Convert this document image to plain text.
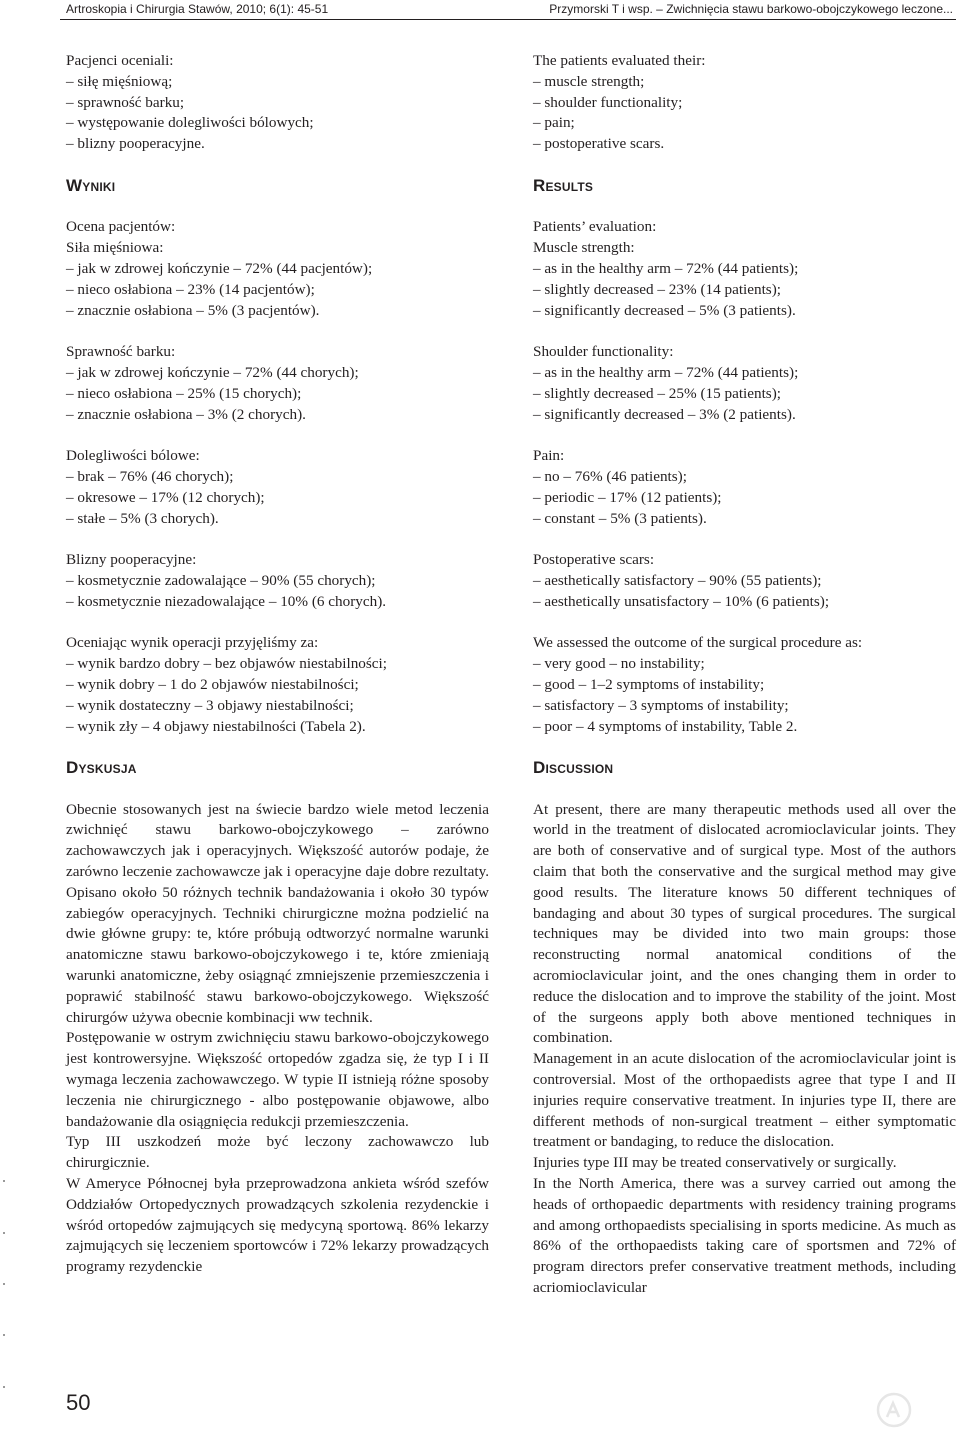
Artroskopia i Chirurgia Stawów, 2010; 6(1): 45-51	Przymorski T i wsp. – Zwichnięcia stawu barkowo-obojczykowego leczone...

Pacjenci oceniali:

– siłę mięśniową;

– sprawność barku;

– występowanie dolegliwości bólowych;

– blizny pooperacyjne.

Wyniki

Ocena pacjentów:

Siła mięśniowa:

– jak w zdrowej kończynie – 72% (44 pacjentów);

– nieco osłabiona – 23% (14 pacjentów);

– znacznie osłabiona – 5% (3 pacjentów).

Sprawność barku:

– jak w zdrowej kończynie – 72% (44 chorych);

– nieco osłabiona – 25% (15 chorych);

– znacznie osłabiona – 3% (2 chorych).

Dolegliwości bólowe:

– brak – 76% (46 chorych);

– okresowe – 17% (12 chorych);

– stałe – 5% (3 chorych).

Blizny pooperacyjne:

– kosmetycznie zadowalające – 90% (55 chorych);

– kosmetycznie niezadowalające – 10% (6 chorych).

Oceniając wynik operacji przyjęliśmy za:

– wynik bardzo dobry – bez objawów niestabilności;

– wynik dobry – 1 do 2 objawów niestabilności;

– wynik dostateczny – 3 objawy niestabilności;

– wynik zły – 4 objawy niestabilności (Tabela 2).

Dyskusja

Obecnie stosowanych jest na świecie bardzo wiele metod leczenia zwichnięć stawu barkowo-obojczykowego – zarówno zachowawczych jak i operacyjnych. Większość autorów podaje, że zarówno leczenie zachowawcze jak i operacyjne daje dobre rezultaty. Opisano około 50 różnych technik bandażowania i około 30 typów zabiegów operacyjnych. Techniki chirurgiczne można podzielić na dwie główne grupy: te, które próbują odtworzyć normalne warunki anatomiczne stawu barkowo-obojczykowego i te, które zmieniają warunki anatomiczne, żeby osiągnąć zmniejszenie przemieszczenia i poprawić stabilność stawu barkowo-obojczykowego. Większość chirurgów używa obecnie kombinacji ww technik.

Postępowanie w ostrym zwichnięciu stawu barkowo-obojczykowego jest kontrowersyjne. Większość ortopedów zgadza się, że typ I i II wymaga leczenia zachowawczego. W typie II istnieją różne sposoby leczenia nie chirurgicznego - albo postępowanie objawowe, albo bandażowanie dla osiągnięcia redukcji przemieszczenia.

Typ III uszkodzeń może być leczony zachowawczo lub chirurgicznie.

W Ameryce Północnej była przeprowadzona ankieta wśród szefów Oddziałów Ortopedycznych prowadzących szkolenia rezydenckie i wśród ortopedów zajmujących się medycyną sportową. 86% lekarzy zajmujących się leczeniem sportowców i 72% lekarzy prowadzących programy rezydenckie

The patients evaluated their:

– muscle strength;

– shoulder functionality;

– pain;

– postoperative scars.

Results

Patients’ evaluation:

Muscle strength:

– as in the healthy arm – 72% (44 patients);

– slightly decreased – 23% (14 patients);

– significantly decreased – 5% (3 patients).

Shoulder functionality:

– as in the healthy arm – 72% (44 patients);

– slightly decreased – 25% (15 patients);

– significantly decreased – 3% (2 patients).

Pain:

– no – 76% (46 patients);

– periodic – 17% (12 patients);

– constant – 5% (3 patients).

Postoperative scars:

– aesthetically satisfactory – 90% (55 patients);

– aesthetically unsatisfactory – 10% (6 patients);

We assessed the outcome of the surgical procedure as:

– very good – no instability;

– good – 1–2 symptoms of instability;

– satisfactory – 3 symptoms of instability;

– poor – 4 symptoms of instability, Table 2.

Discussion

At present, there are many therapeutic methods used all over the world in the treatment of dislocated acromioclavicular joints. They are both of conservative and of surgical type. Most of the authors claim that both the conservative and the surgical method may give good results. The literature knows 50 different techniques of bandaging and about 30 types of surgical procedures. The surgical techniques may be divided into two main groups: those reconstructing normal anatomical conditions of the acromioclavicular joint, and the ones changing them in order to reduce the dislocation and to improve the stability of the joint. Most of the surgeons apply both above mentioned techniques in combination.

Management in an acute dislocation of the acromioclavicular joint is controversial. Most of the orthopaedists agree that type I and II injuries require conservative treatment. In injuries type II, there are different methods of non-surgical treatment – either symptomatic treatment or bandaging, to reduce the dislocation.

Injuries type III may be treated conservatively or surgically.

In the North America, there was a survey carried out among the heads of orthopaedic departments with residency training programs and among orthopaedists specialising in sports medicine. As much as 86% of the orthopaedists taking care of sportsmen and 72% of program directors prefer conservative treatment methods, including acriomioclavicular

50
